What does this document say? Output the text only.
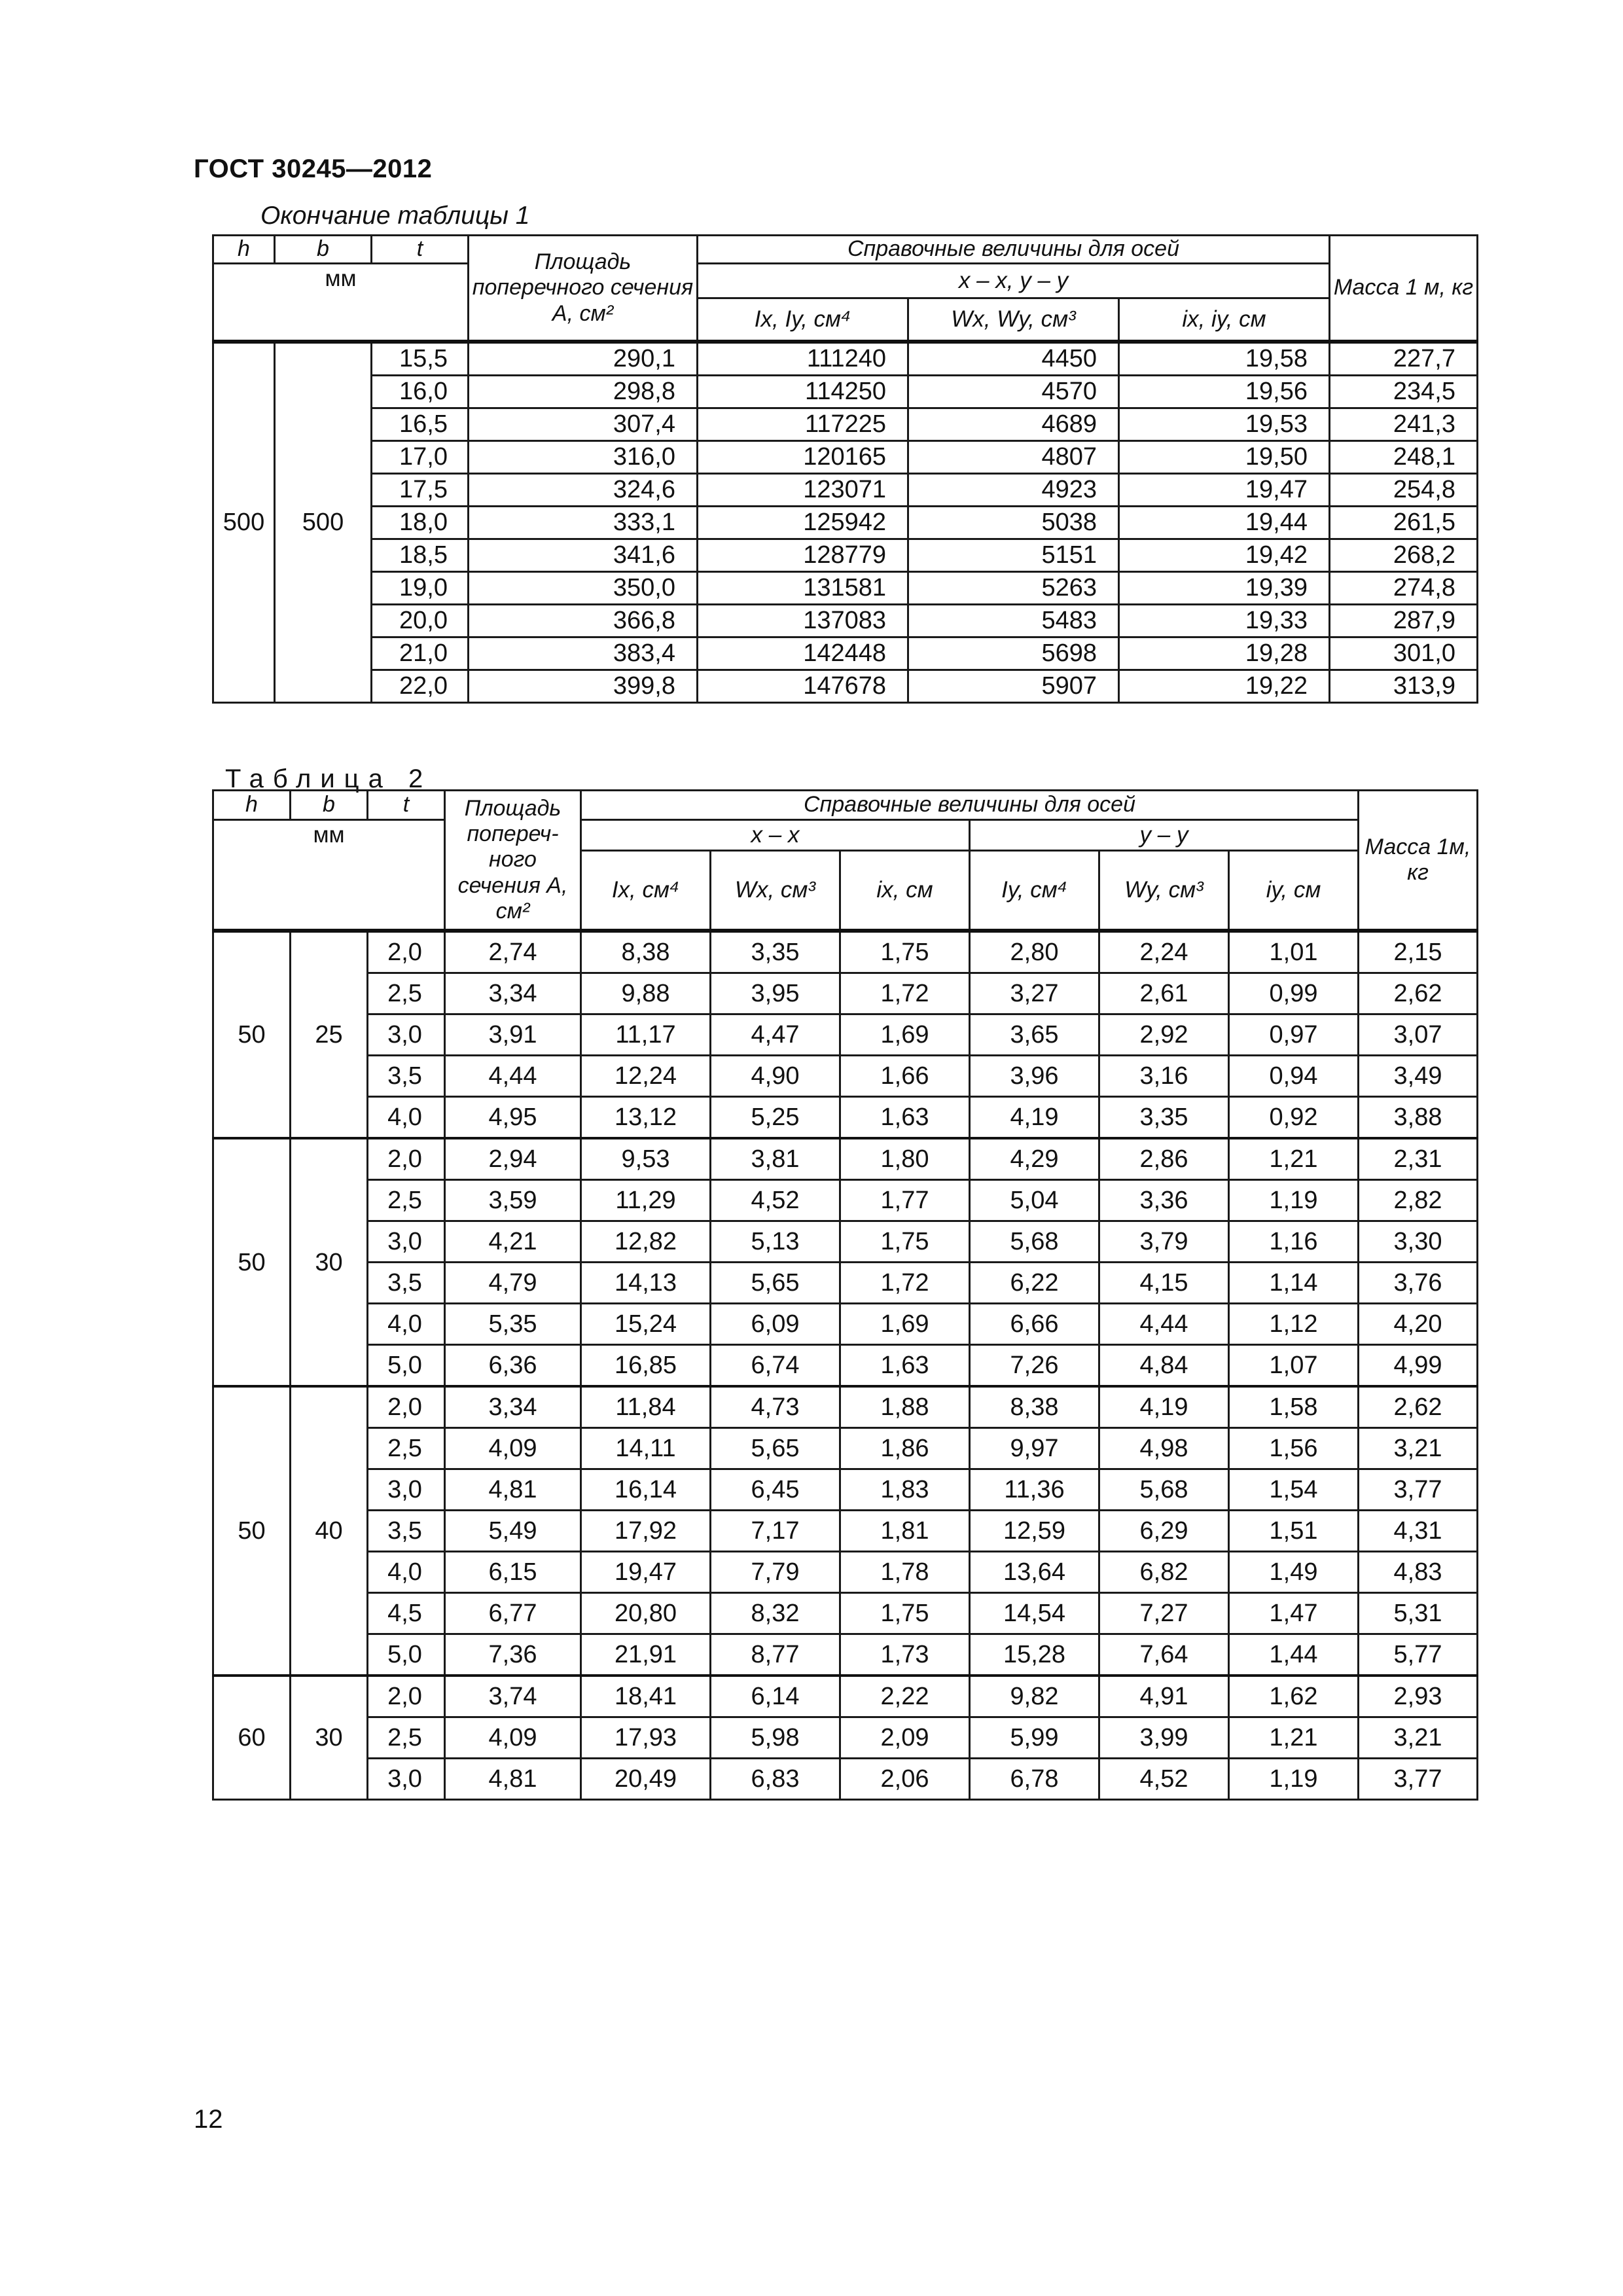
ГОСТ 30245—2012
Окончание таблицы 1
h	b	t	Площадь поперечного сечения A, см²	Справочные величины для осей			Масса 1 м, кг
мм				x – x, y – y			
				Ix, Iy, см⁴	Wx, Wy, см³	ix, iy, см	
500	500	15,5	290,1	111240	4450	19,58	227,7
		16,0	298,8	114250	4570	19,56	234,5
		16,5	307,4	117225	4689	19,53	241,3
		17,0	316,0	120165	4807	19,50	248,1
		17,5	324,6	123071	4923	19,47	254,8
		18,0	333,1	125942	5038	19,44	261,5
		18,5	341,6	128779	5151	19,42	268,2
		19,0	350,0	131581	5263	19,39	274,8
		20,0	366,8	137083	5483	19,33	287,9
		21,0	383,4	142448	5698	19,28	301,0
		22,0	399,8	147678	5907	19,22	313,9
Таблица 2
h	b	t	Площадь попереч-ного сечения A, см²	Справочные величины для осей						Масса 1м, кг
мм				x – x			y – y			
				Ix, см⁴	Wx, см³	ix, см	Iy, см⁴	Wy, см³	iy, см	
50	25	2,0	2,74	8,38	3,35	1,75	2,80	2,24	1,01	2,15
		2,5	3,34	9,88	3,95	1,72	3,27	2,61	0,99	2,62
		3,0	3,91	11,17	4,47	1,69	3,65	2,92	0,97	3,07
		3,5	4,44	12,24	4,90	1,66	3,96	3,16	0,94	3,49
		4,0	4,95	13,12	5,25	1,63	4,19	3,35	0,92	3,88
50	30	2,0	2,94	9,53	3,81	1,80	4,29	2,86	1,21	2,31
		2,5	3,59	11,29	4,52	1,77	5,04	3,36	1,19	2,82
		3,0	4,21	12,82	5,13	1,75	5,68	3,79	1,16	3,30
		3,5	4,79	14,13	5,65	1,72	6,22	4,15	1,14	3,76
		4,0	5,35	15,24	6,09	1,69	6,66	4,44	1,12	4,20
		5,0	6,36	16,85	6,74	1,63	7,26	4,84	1,07	4,99
50	40	2,0	3,34	11,84	4,73	1,88	8,38	4,19	1,58	2,62
		2,5	4,09	14,11	5,65	1,86	9,97	4,98	1,56	3,21
		3,0	4,81	16,14	6,45	1,83	11,36	5,68	1,54	3,77
		3,5	5,49	17,92	7,17	1,81	12,59	6,29	1,51	4,31
		4,0	6,15	19,47	7,79	1,78	13,64	6,82	1,49	4,83
		4,5	6,77	20,80	8,32	1,75	14,54	7,27	1,47	5,31
		5,0	7,36	21,91	8,77	1,73	15,28	7,64	1,44	5,77
60	30	2,0	3,74	18,41	6,14	2,22	9,82	4,91	1,62	2,93
		2,5	4,09	17,93	5,98	2,09	5,99	3,99	1,21	3,21
		3,0	4,81	20,49	6,83	2,06	6,78	4,52	1,19	3,77
12
